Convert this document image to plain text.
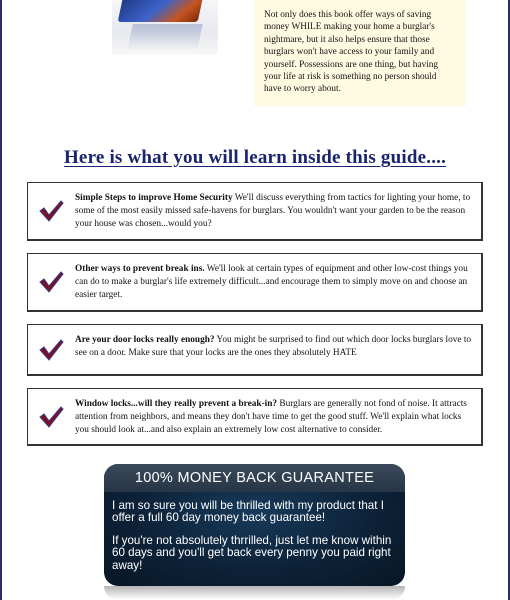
Not only does this book offer ways of saving money WHILE making your home a burglar's nightmare, but it also helps ensure that those burglars won't have access to your family and yourself. Possessions are one thing, but having your life at risk is something no person should have to worry about.

Here is what you will learn inside this guide....
Simple Steps to improve Home Security We'll discuss everything from tactics for lighting your home, to some of the most easily missed safe-havens for burglars. You wouldn't want your garden to be the reason your house was chosen...would you?
Other ways to prevent break ins. We'll look at certain types of equipment and other low-cost things you can do to make a burglar's life extremely difficult...and encourage them to simply move on and choose an easier target.
Are your door locks really enough? You might be surprised to find out which door locks burglars love to see on a door. Make sure that your locks are the ones they absolutely HATE
Window locks...will they really prevent a break-in? Burglars are generally not fond of noise. It attracts attention from neighbors, and means they don't have time to get the good stuff. We'll explain what locks you should look at...and also explain an extremely low cost alternative to consider.
100% MONEY BACK GUARANTEE

I am so sure you will be thrilled with my product that I offer a full 60 day money back guarantee!

If you're not absolutely thrrilled, just let me know within 60 days and you'll get back every penny you paid right away!
